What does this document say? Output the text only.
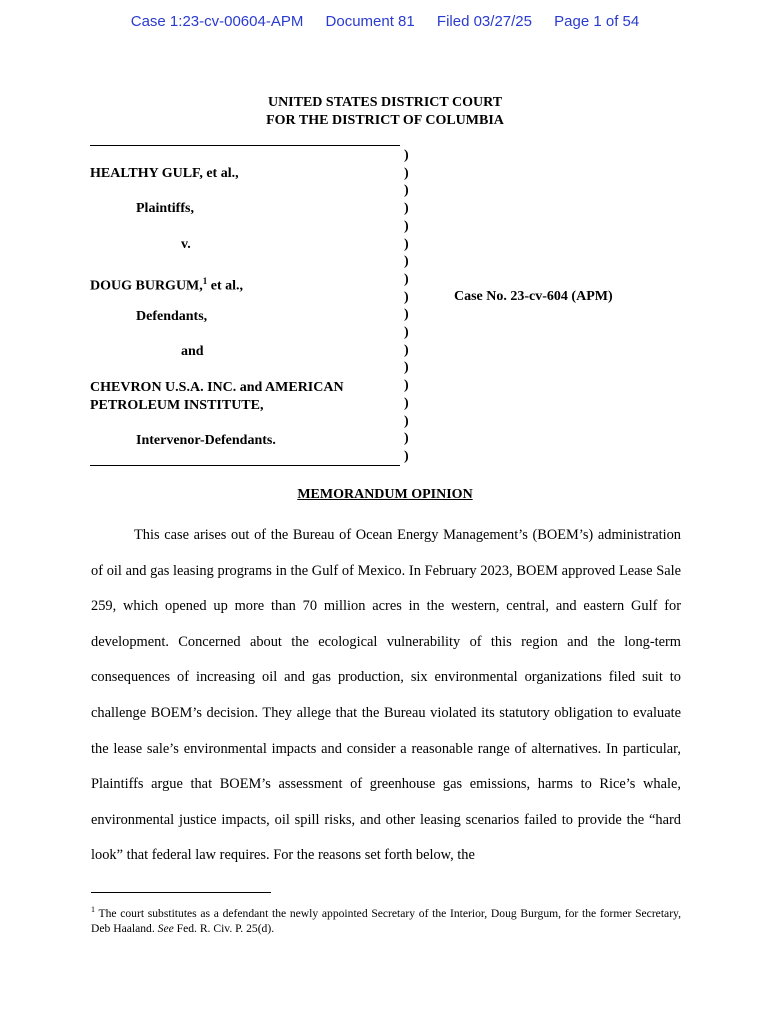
Case 1:23-cv-00604-APM Document 81 Filed 03/27/25 Page 1 of 54
UNITED STATES DISTRICT COURT
FOR THE DISTRICT OF COLUMBIA
)
)
)
)
)
)
)
)
)
)
)
)
)
)
)
)
)
)
HEALTHY GULF, et al.,
Plaintiffs,
v.
DOUG BURGUM,$^1$ et al.,
Defendants,
and
CHEVRON U.S.A. INC. and AMERICAN
PETROLEUM INSTITUTE,
Intervenor-Defendants.
Case No. 23-cv-604 (APM)
MEMORANDUM OPINION

This case arises out of the Bureau of Ocean Energy Management’s (BOEM’s) administration of oil and gas leasing programs in the Gulf of Mexico. In February 2023, BOEM approved Lease Sale 259, which opened up more than 70 million acres in the western, central, and eastern Gulf for development. Concerned about the ecological vulnerability of this region and the long-term consequences of increasing oil and gas production, six environmental organizations filed suit to challenge BOEM’s decision. They allege that the Bureau violated its statutory obligation to evaluate the lease sale’s environmental impacts and consider a reasonable range of alternatives. In particular, Plaintiffs argue that BOEM’s assessment of greenhouse gas emissions, harms to Rice’s whale, environmental justice impacts, oil spill risks, and other leasing scenarios failed to provide the “hard look” that federal law requires. For the reasons set forth below, the

$^1$ The court substitutes as a defendant the newly appointed Secretary of the Interior, Doug Burgum, for the former Secretary, Deb Haaland. See Fed. R. Civ. P. 25(d).
